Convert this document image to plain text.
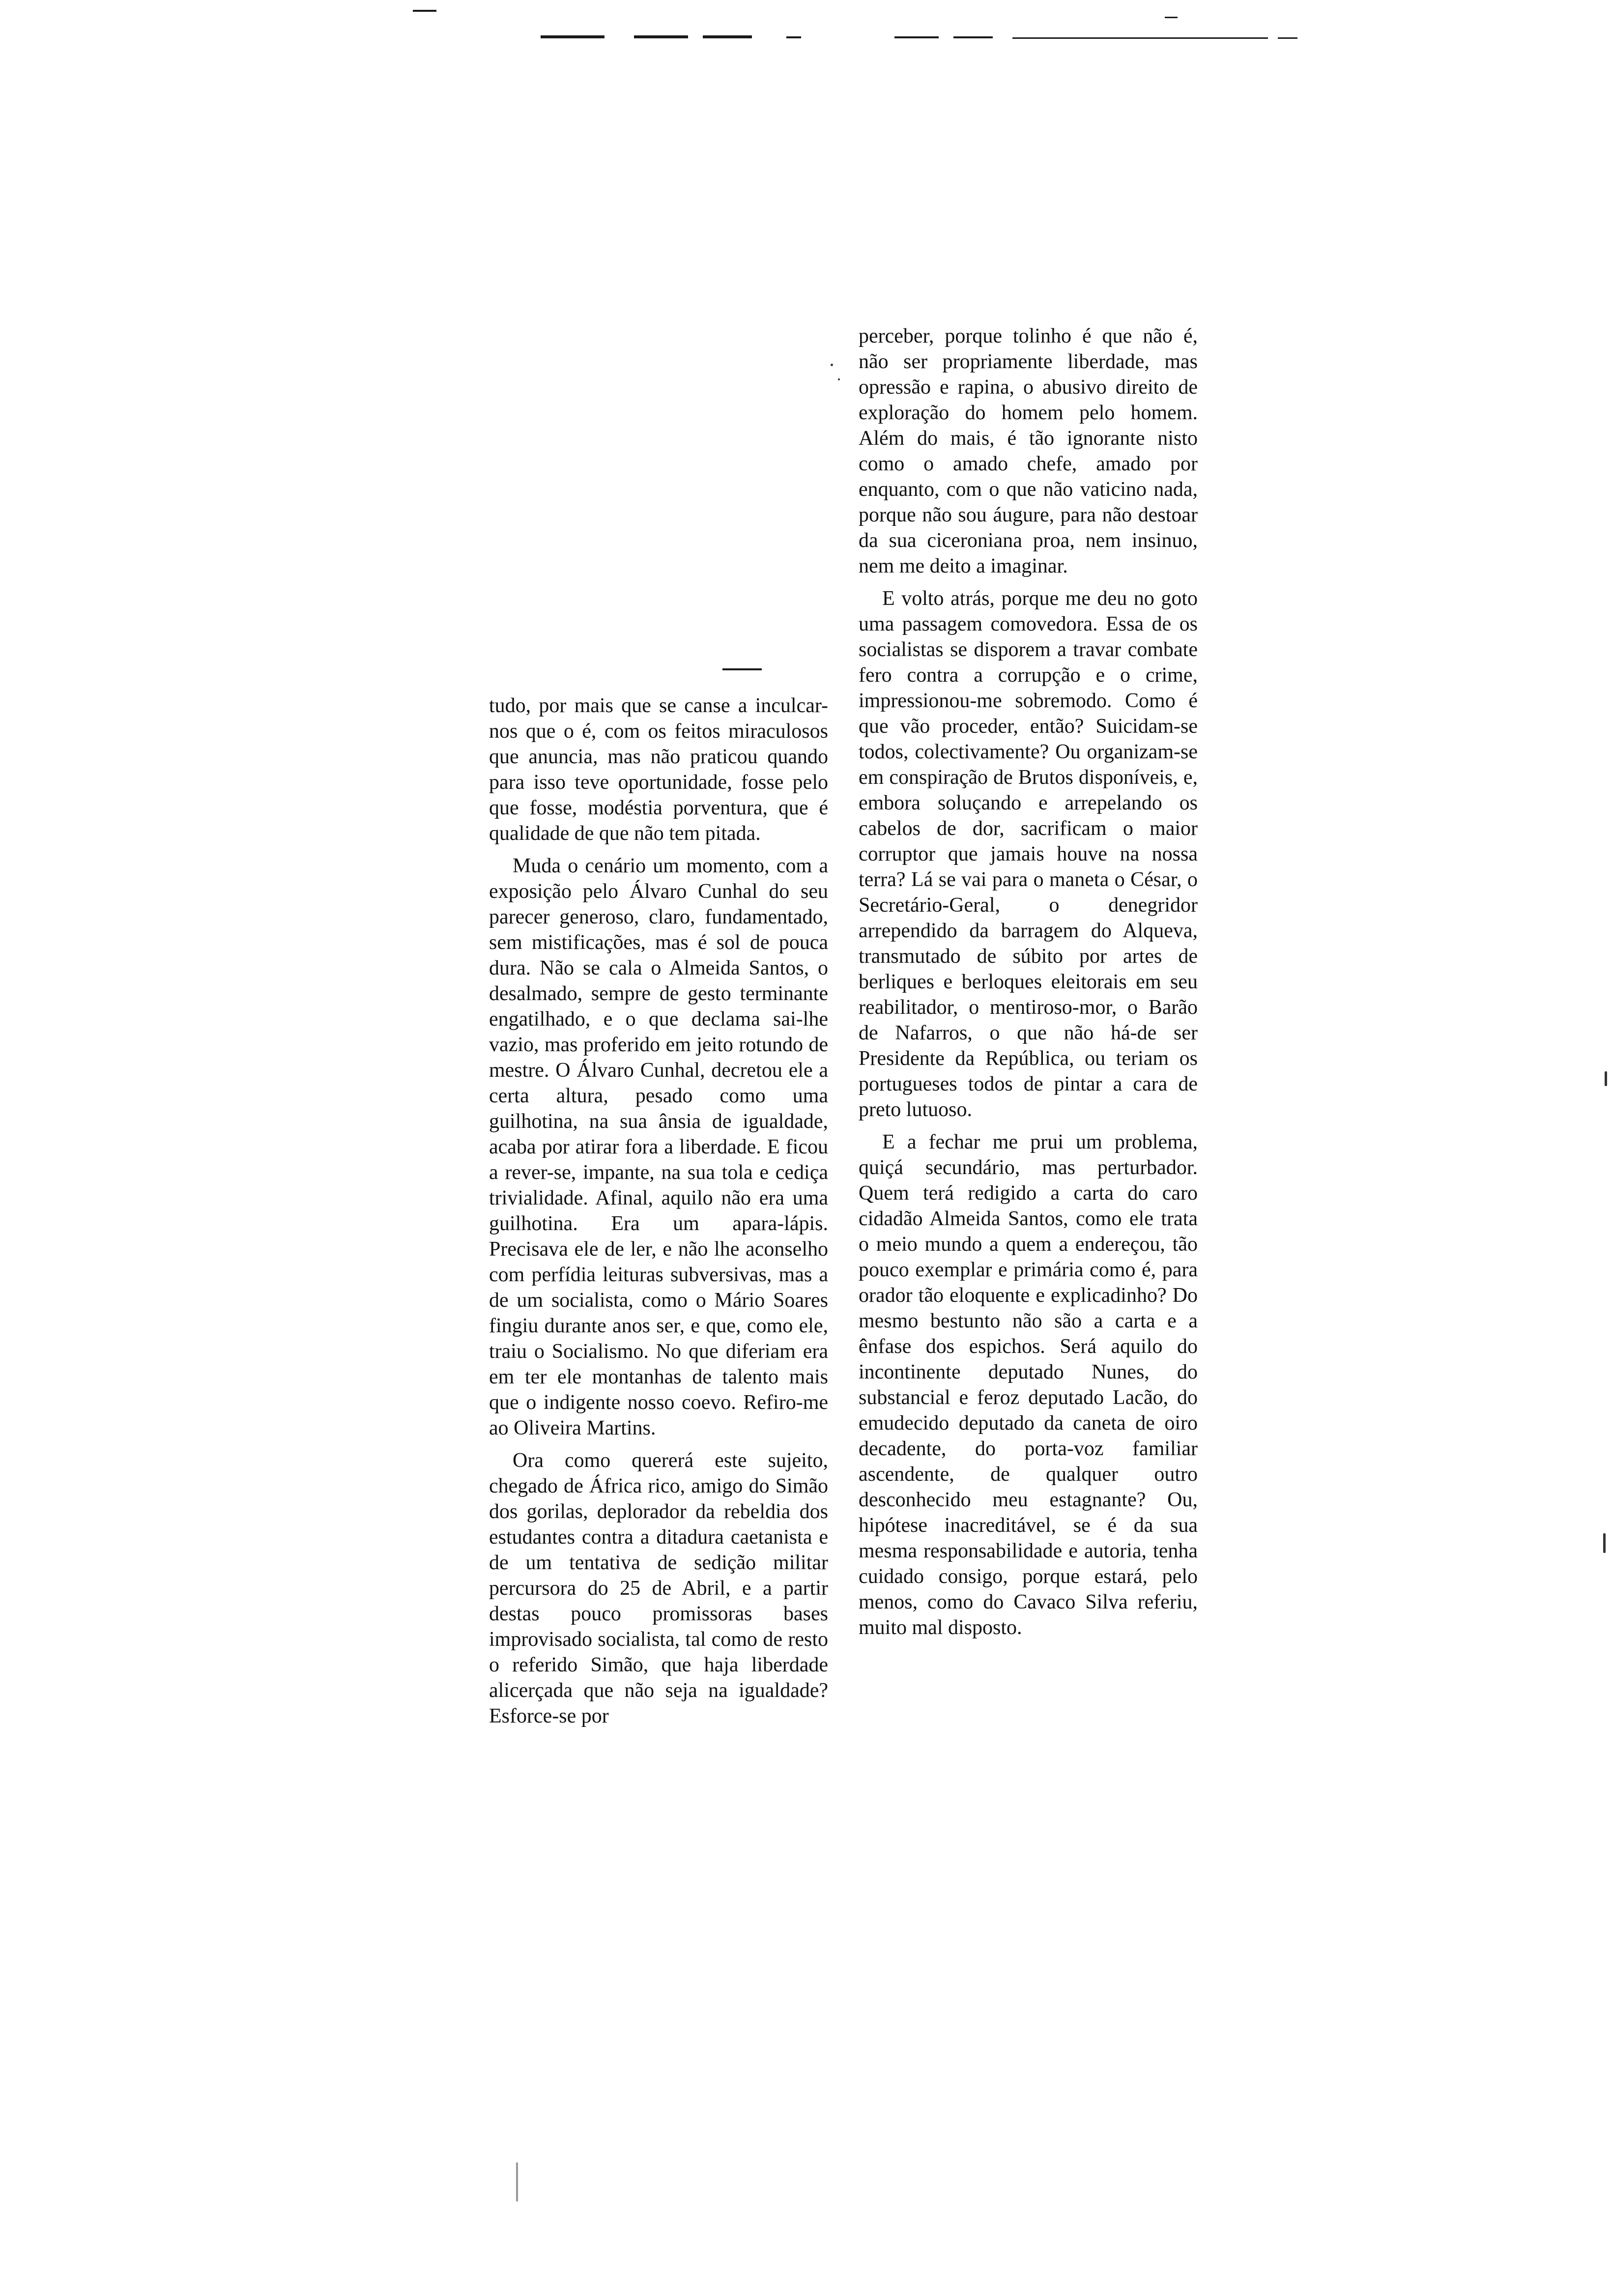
tudo, por mais que se canse a inculcar-nos que o é, com os feitos miraculosos que anuncia, mas não praticou quando para isso teve oportunidade, fosse pelo que fosse, modéstia porventura, que é qualidade de que não tem pitada.

Muda o cenário um momento, com a exposição pelo Álvaro Cunhal do seu parecer generoso, claro, fundamentado, sem mistificações, mas é sol de pouca dura. Não se cala o Almeida Santos, o desalmado, sempre de gesto terminante engatilhado, e o que declama sai-lhe vazio, mas proferido em jeito rotundo de mestre. O Álvaro Cunhal, decretou ele a certa altura, pesado como uma guilhotina, na sua ânsia de igualdade, acaba por atirar fora a liberdade. E ficou a rever-se, impante, na sua tola e cediça trivialidade. Afinal, aquilo não era uma guilhotina. Era um apara-lápis. Precisava ele de ler, e não lhe aconselho com perfídia leituras subversivas, mas a de um socialista, como o Mário Soares fingiu durante anos ser, e que, como ele, traiu o Socialismo. No que diferiam era em ter ele montanhas de talento mais que o indigente nosso coevo. Refiro-me ao Oliveira Martins.

Ora como quererá este sujeito, chegado de África rico, amigo do Simão dos gorilas, deplorador da rebeldia dos estudantes contra a ditadura caetanista e de um tentativa de sedição militar percursora do 25 de Abril, e a partir destas pouco promissoras bases improvisado socialista, tal como de resto o referido Simão, que haja liberdade alicerçada que não seja na igualdade? Esforce-se por

perceber, porque tolinho é que não é, não ser propriamente liberdade, mas opressão e rapina, o abusivo direito de exploração do homem pelo homem. Além do mais, é tão ignorante nisto como o amado chefe, amado por enquanto, com o que não vaticino nada, porque não sou áugure, para não destoar da sua ciceroniana proa, nem insinuo, nem me deito a imaginar.

E volto atrás, porque me deu no goto uma passagem comovedora. Essa de os socialistas se disporem a travar combate fero contra a corrupção e o crime, impressionou-me sobremodo. Como é que vão proceder, então? Suicidam-se todos, colectivamente? Ou organizam-se em conspiração de Brutos disponíveis, e, embora soluçando e arrepelando os cabelos de dor, sacrificam o maior corruptor que jamais houve na nossa terra? Lá se vai para o maneta o César, o Secretário-Geral, o denegridor arrependido da barragem do Alqueva, transmutado de súbito por artes de berliques e berloques eleitorais em seu reabilitador, o mentiroso-mor, o Barão de Nafarros, o que não há-de ser Presidente da República, ou teriam os portugueses todos de pintar a cara de preto lutuoso.

E a fechar me prui um problema, quiçá secundário, mas perturbador. Quem terá redigido a carta do caro cidadão Almeida Santos, como ele trata o meio mundo a quem a endereçou, tão pouco exemplar e primária como é, para orador tão eloquente e explicadinho? Do mesmo bestunto não são a carta e a ênfase dos espichos. Será aquilo do incontinente deputado Nunes, do substancial e feroz deputado Lacão, do emudecido deputado da caneta de oiro decadente, do porta-voz familiar ascendente, de qualquer outro desconhecido meu estagnante? Ou, hipótese inacreditável, se é da sua mesma responsabilidade e autoria, tenha cuidado consigo, porque estará, pelo menos, como do Cavaco Silva referiu, muito mal disposto.
